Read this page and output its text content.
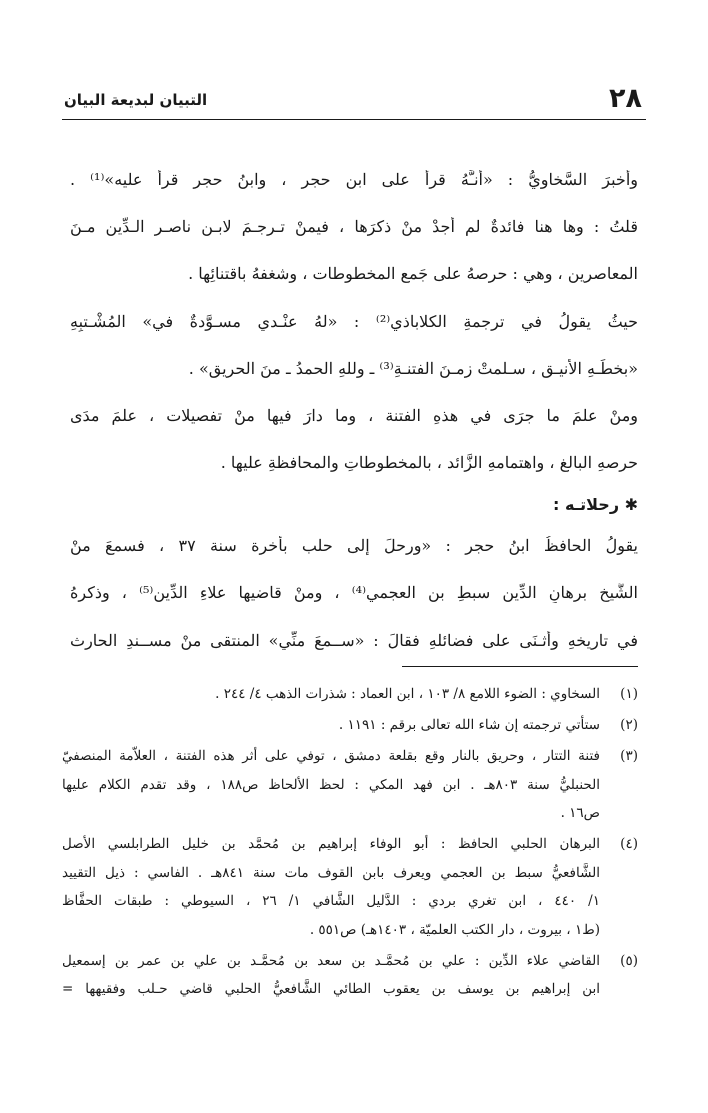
٢٨
التبيان لبديعة البيان
وأخبرَ السَّخاويُّ : «أنـَّهُ قرأَ على ابنِ حجر ، وابنُ حجر قرأ عليه»⁽¹⁾ .
قلتُ : وها هنا فائدةٌ لم أجدْ منْ ذكرَها ، فيمنْ تـرجـمَ لابـنِ ناصـر الـدِّين مـنَ
المعاصرين ، وهي : حرصهُ على جَمعِ المخطوطات ، وشغفهُ باقتنائِها .
حيثُ يقولُ في ترجمةِ الكلاباذي⁽²⁾ : «لهُ عنْـدي مسـوَّدةٌ في» المُشْـتبِهِ
«بخطِّـهِ الأنيـق ، سـلمتْ زمـنَ الفتنـةِ⁽³⁾ ـ وللهِ الحمدُ ـ منَ الحريقِ» .
ومنْ علمَ ما جرَى في هذهِ الفتنة ، وما دارَ فيها منْ تفصيلات ، علمَ مدَى
حرصهِ البالغِ ، واهتمامهِ الزَّائد ، بالمخطوطاتِ والمحافظةِ عليها .
✱ رحلاتـه :
يقولُ الحافظُ ابنُ حجر : «ورحلَ إلى حلب بأخرة سنة ٣٧ ، فسمعَ منْ
الشَّيخ برهانِ الدِّين سبطِ بنِ العجمي⁽⁴⁾ ، ومنْ قاضيها علاءِ الدِّين⁽⁵⁾ ، وذكرهُ
في تاريخهِ وأثـنَى على فضائلهِ فقالَ : «ســمعَ منِّي» المنتقى منْ مســندِ الحارث
(١)
السخاوي : الضوء اللامع ٨/ ١٠٣ ، ابن العماد : شذرات الذهب ٤/ ٢٤٤ .
(٢)
ستأتي ترجمته إن شاء الله تعالى برقم : ١١٩١ .
(٣)
فتنة التتار ، وحريق بالنار وقع بقلعة دمشق ، توفي على أثر هذه الفتنة ، العلاّمة المنصفيّ
الحنبليُّ سنة ٨٠٣هـ . ابن فهد المكي : لحظ الألحاظ ص١٨٨ ، وقد تقدم الكلام عليها
ص١٦ .
(٤)
البرهان الحلبي الحافظ : أبو الوفاء إبراهيم بن مُحمَّد بن خليل الطرابلسي الأصل
الشَّافعيُّ سبط بن العجمي ويعرف بابن القوف مات سنة ٨٤١هـ . الفاسي : ذيل التقييد
١/ ٤٤٠ ، ابن تغري بردي : الدَّليل الشَّافي ١/ ٢٦ ، السيوطي : طبقات الحفَّاظ
(ط١ ، بيروت ، دار الكتب العلميّة ، ١٤٠٣هـ) ص٥٥١ .
(٥)
القاضي علاء الدِّين : علي بن مُحمَّـد بن سعد بن مُحمَّـد بن علي بن عمر بن إسمعيل
ابن إبراهيم بن يوسف بن يعقوب الطائي الشَّافعيُّ الحلبي قاضي حـلب وفقيهها =
